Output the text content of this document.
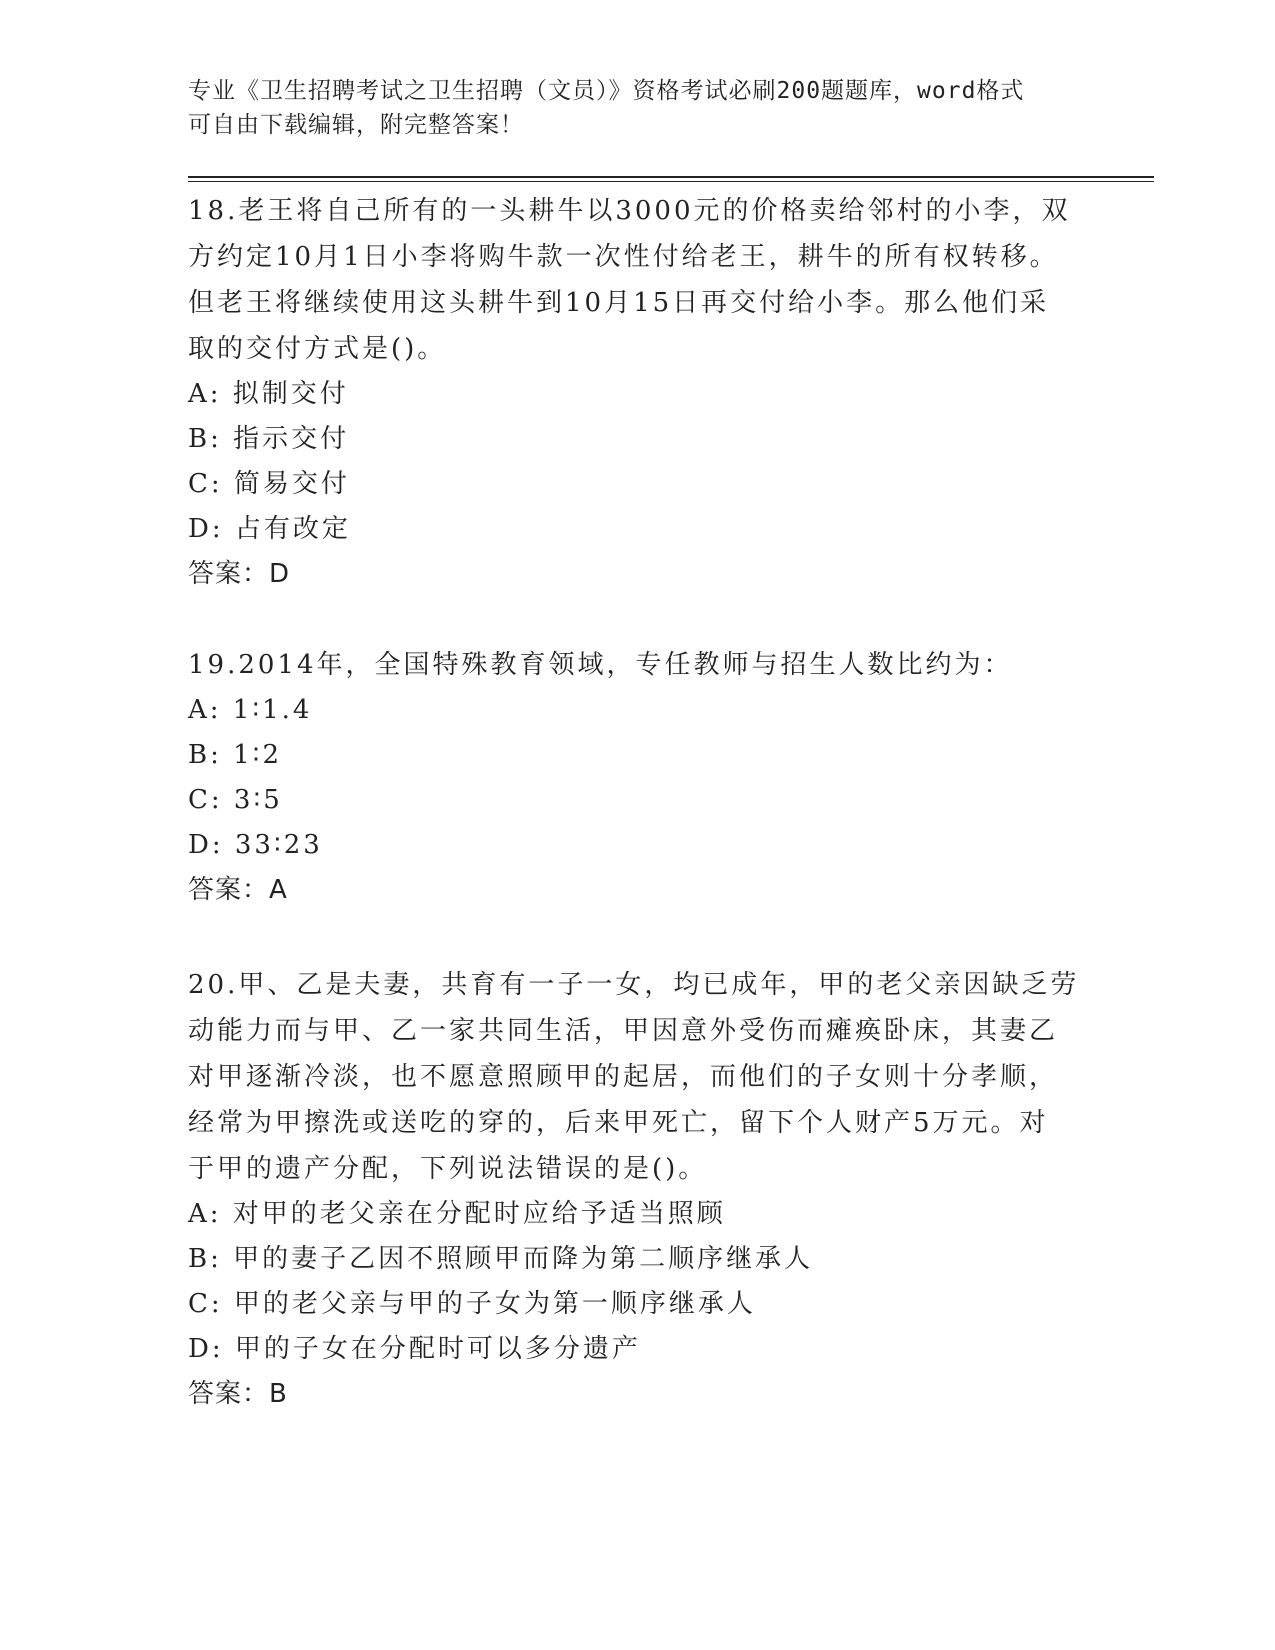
专业《卫生招聘考试之卫生招聘（文员）》资格考试必刷200题题库，word格式
可自由下载编辑，附完整答案！
18.老王将自己所有的一头耕牛以3000元的价格卖给邻村的小李，双
方约定10月1日小李将购牛款一次性付给老王，耕牛的所有权转移。
但老王将继续使用这头耕牛到10月15日再交付给小李。那么他们采
取的交付方式是()。
A: 拟制交付
B: 指示交付
C: 简易交付
D: 占有改定
答案：D
19.2014年，全国特殊教育领域，专任教师与招生人数比约为：
A: 1∶1.4
B: 1∶2
C: 3∶5
D: 33∶23
答案：A
20.甲、乙是夫妻，共育有一子一女，均已成年，甲的老父亲因缺乏劳
动能力而与甲、乙一家共同生活，甲因意外受伤而瘫痪卧床，其妻乙
对甲逐渐冷淡，也不愿意照顾甲的起居，而他们的子女则十分孝顺，
经常为甲擦洗或送吃的穿的，后来甲死亡，留下个人财产5万元。对
于甲的遗产分配，下列说法错误的是()。
A: 对甲的老父亲在分配时应给予适当照顾
B: 甲的妻子乙因不照顾甲而降为第二顺序继承人
C: 甲的老父亲与甲的子女为第一顺序继承人
D: 甲的子女在分配时可以多分遗产
答案：B
